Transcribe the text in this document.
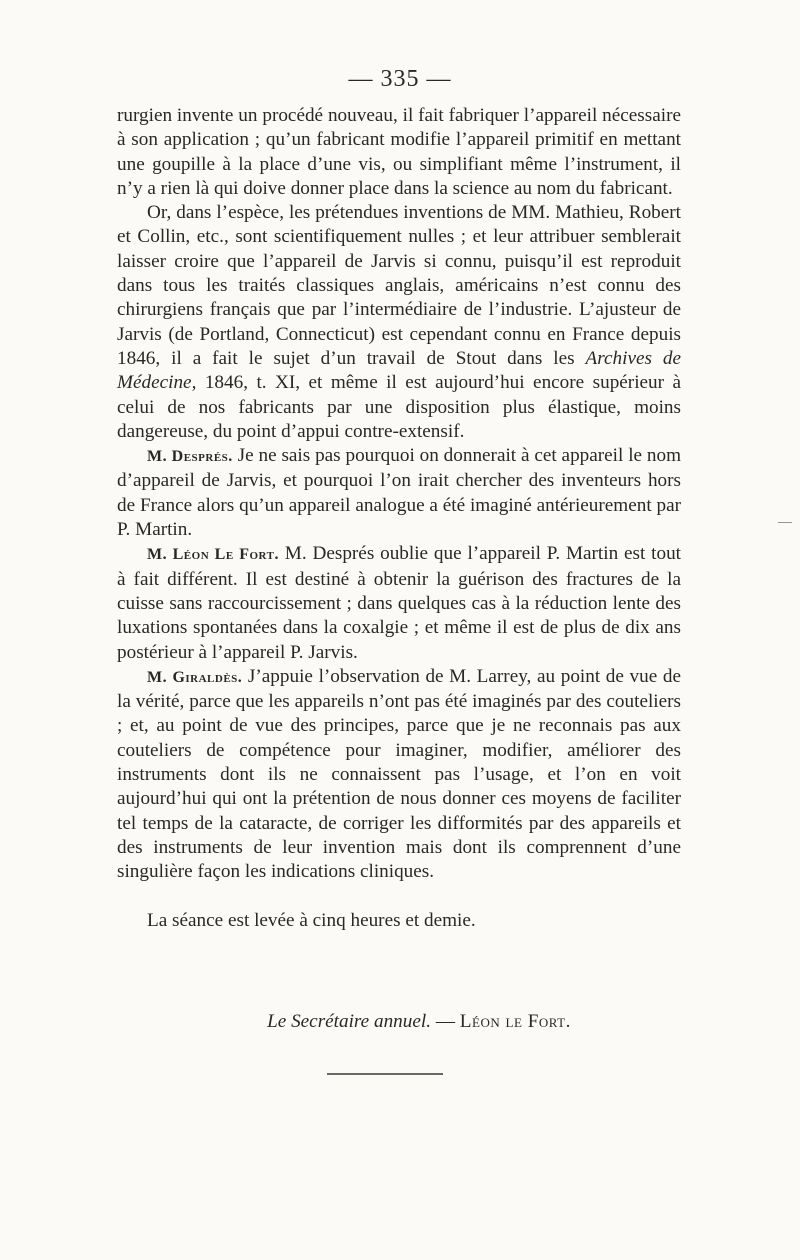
— 335 —

rurgien invente un procédé nouveau, il fait fabriquer l’appareil nécessaire à son application ; qu’un fabricant modifie l’appareil primitif en mettant une goupille à la place d’une vis, ou simplifiant même l’instrument, il n’y a rien là qui doive donner place dans la science au nom du fabricant.

Or, dans l’espèce, les prétendues inventions de MM. Mathieu, Robert et Collin, etc., sont scientifiquement nulles ; et leur attribuer semblerait laisser croire que l’appareil de Jarvis si connu, puisqu’il est reproduit dans tous les traités classiques anglais, américains n’est connu des chirurgiens français que par l’intermédiaire de l’industrie. L’ajusteur de Jarvis (de Portland, Connecticut) est cependant connu en France depuis 1846, il a fait le sujet d’un travail de Stout dans les Archives de Médecine, 1846, t. XI, et même il est aujourd’hui encore supérieur à celui de nos fabricants par une disposition plus élastique, moins dangereuse, du point d’appui contre-extensif.

M. Després. Je ne sais pas pourquoi on donnerait à cet appareil le nom d’appareil de Jarvis, et pourquoi l’on irait chercher des inventeurs hors de France alors qu’un appareil analogue a été imaginé antérieurement par P. Martin.

M. Léon Le Fort. M. Després oublie que l’appareil P. Martin est tout à fait différent. Il est destiné à obtenir la guérison des fractures de la cuisse sans raccourcissement ; dans quelques cas à la réduction lente des luxations spontanées dans la coxalgie ; et même il est de plus de dix ans postérieur à l’appareil P. Jarvis.

M. Giraldès. J’appuie l’observation de M. Larrey, au point de vue de la vérité, parce que les appareils n’ont pas été imaginés par des couteliers ; et, au point de vue des principes, parce que je ne reconnais pas aux couteliers de compétence pour imaginer, modifier, améliorer des instruments dont ils ne connaissent pas l’usage, et l’on en voit aujourd’hui qui ont la prétention de nous donner ces moyens de faciliter tel temps de la cataracte, de corriger les difformités par des appareils et des instruments de leur invention mais dont ils comprennent d’une singulière façon les indications cliniques.

La séance est levée à cinq heures et demie.

Le Secrétaire annuel. — Léon le Fort.
